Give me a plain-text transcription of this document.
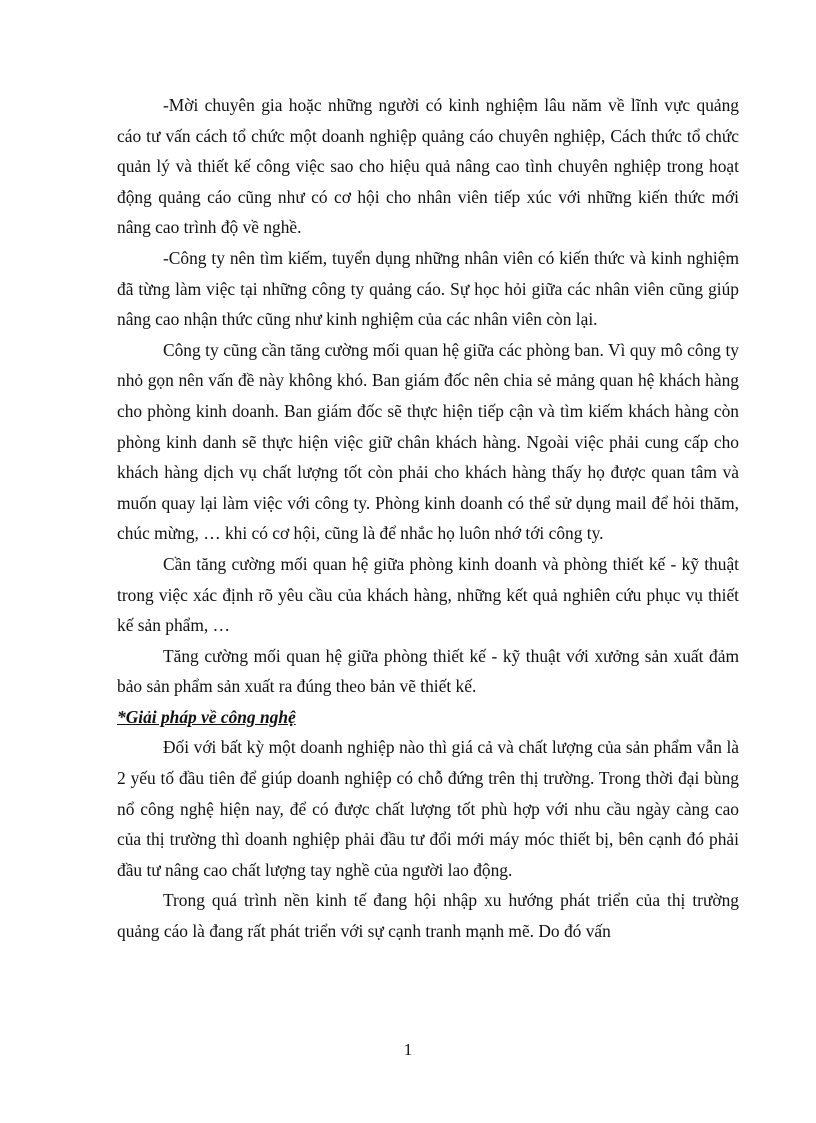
-Mời chuyên gia hoặc những người có kinh nghiệm lâu năm về lĩnh vực quảng cáo tư vấn cách tổ chức một doanh nghiệp quảng cáo chuyên nghiệp, Cách thức tổ chức quản lý và thiết kế công việc sao cho hiệu quả nâng cao tình chuyên nghiệp trong hoạt động quảng cáo cũng như có cơ hội cho nhân viên tiếp xúc với những kiến thức mới nâng cao trình độ về nghề.

-Công ty nên tìm kiếm, tuyển dụng những nhân viên có kiến thức và kinh nghiệm đã từng làm việc tại những công ty quảng cáo. Sự học hỏi giữa các nhân viên cũng giúp nâng cao nhận thức cũng như kinh nghiệm của các nhân viên còn lại.

Công ty cũng cần tăng cường mối quan hệ giữa các phòng ban. Vì quy mô công ty nhỏ gọn nên vấn đề này không khó. Ban giám đốc nên chia sẻ mảng quan hệ khách hàng cho phòng kinh doanh. Ban giám đốc sẽ thực hiện tiếp cận và tìm kiếm khách hàng còn phòng kinh danh sẽ thực hiện việc giữ chân khách hàng. Ngoài việc phải cung cấp cho khách hàng dịch vụ chất lượng tốt còn phải cho khách hàng thấy họ được quan tâm và muốn quay lại làm việc với công ty. Phòng kinh doanh có thể sử dụng mail để hỏi thăm, chúc mừng, … khi có cơ hội, cũng là để nhắc họ luôn nhớ tới công ty.

Cần tăng cường mối quan hệ giữa phòng kinh doanh và phòng thiết kế - kỹ thuật trong việc xác định rõ yêu cầu của khách hàng, những kết quả nghiên cứu phục vụ thiết kế sản phẩm, …

Tăng cường mối quan hệ giữa phòng thiết kế - kỹ thuật với xưởng sản xuất đảm bảo sản phẩm sản xuất ra đúng theo bản vẽ thiết kế.

*Giải pháp về công nghệ

Đối với bất kỳ một doanh nghiệp nào thì giá cả và chất lượng của sản phẩm vẫn là 2 yếu tố đầu tiên để giúp doanh nghiệp có chỗ đứng trên thị trường. Trong thời đại bùng nổ công nghệ hiện nay, để có được chất lượng tốt phù hợp với nhu cầu ngày càng cao của thị trường thì doanh nghiệp phải đầu tư đổi mới máy móc thiết bị, bên cạnh đó phải đầu tư nâng cao chất lượng tay nghề của người lao động.

Trong quá trình nền kinh tế đang hội nhập xu hướng phát triển của thị trường quảng cáo là đang rất phát triển với sự cạnh tranh mạnh mẽ. Do đó vấn

1
